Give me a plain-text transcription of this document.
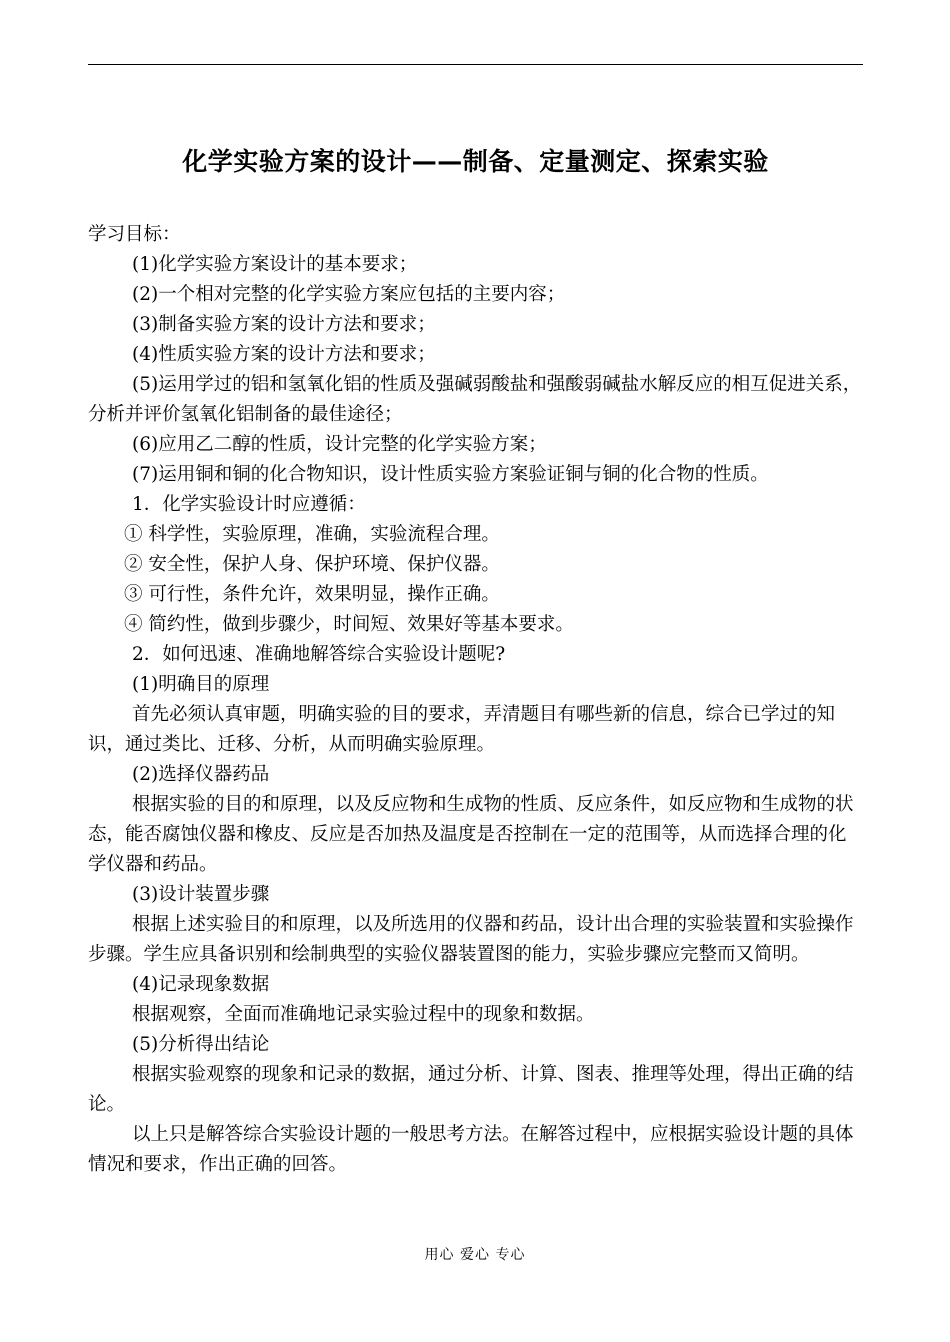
化学实验方案的设计——制备、定量测定、探索实验

学习目标：

(1)化学实验方案设计的基本要求；

(2)一个相对完整的化学实验方案应包括的主要内容；

(3)制备实验方案的设计方法和要求；

(4)性质实验方案的设计方法和要求；

(5)运用学过的铝和氢氧化铝的性质及强碱弱酸盐和强酸弱碱盐水解反应的相互促进关系，分析并评价氢氧化铝制备的最佳途径；

(6)应用乙二醇的性质，设计完整的化学实验方案；

(7)运用铜和铜的化合物知识，设计性质实验方案验证铜与铜的化合物的性质。

1．化学实验设计时应遵循：

① 科学性，实验原理，准确，实验流程合理。

② 安全性，保护人身、保护环境、保护仪器。

③ 可行性，条件允许，效果明显，操作正确。

④ 简约性，做到步骤少，时间短、效果好等基本要求。

2．如何迅速、准确地解答综合实验设计题呢?

(1)明确目的原理

首先必须认真审题，明确实验的目的要求，弄清题目有哪些新的信息，综合已学过的知识，通过类比、迁移、分析，从而明确实验原理。

(2)选择仪器药品

根据实验的目的和原理，以及反应物和生成物的性质、反应条件，如反应物和生成物的状态，能否腐蚀仪器和橡皮、反应是否加热及温度是否控制在一定的范围等，从而选择合理的化学仪器和药品。

(3)设计装置步骤

根据上述实验目的和原理，以及所选用的仪器和药品，设计出合理的实验装置和实验操作步骤。学生应具备识别和绘制典型的实验仪器装置图的能力，实验步骤应完整而又简明。

(4)记录现象数据

根据观察，全面而准确地记录实验过程中的现象和数据。

(5)分析得出结论

根据实验观察的现象和记录的数据，通过分析、计算、图表、推理等处理，得出正确的结论。

以上只是解答综合实验设计题的一般思考方法。在解答过程中，应根据实验设计题的具体情况和要求，作出正确的回答。

用心 爱心 专心
